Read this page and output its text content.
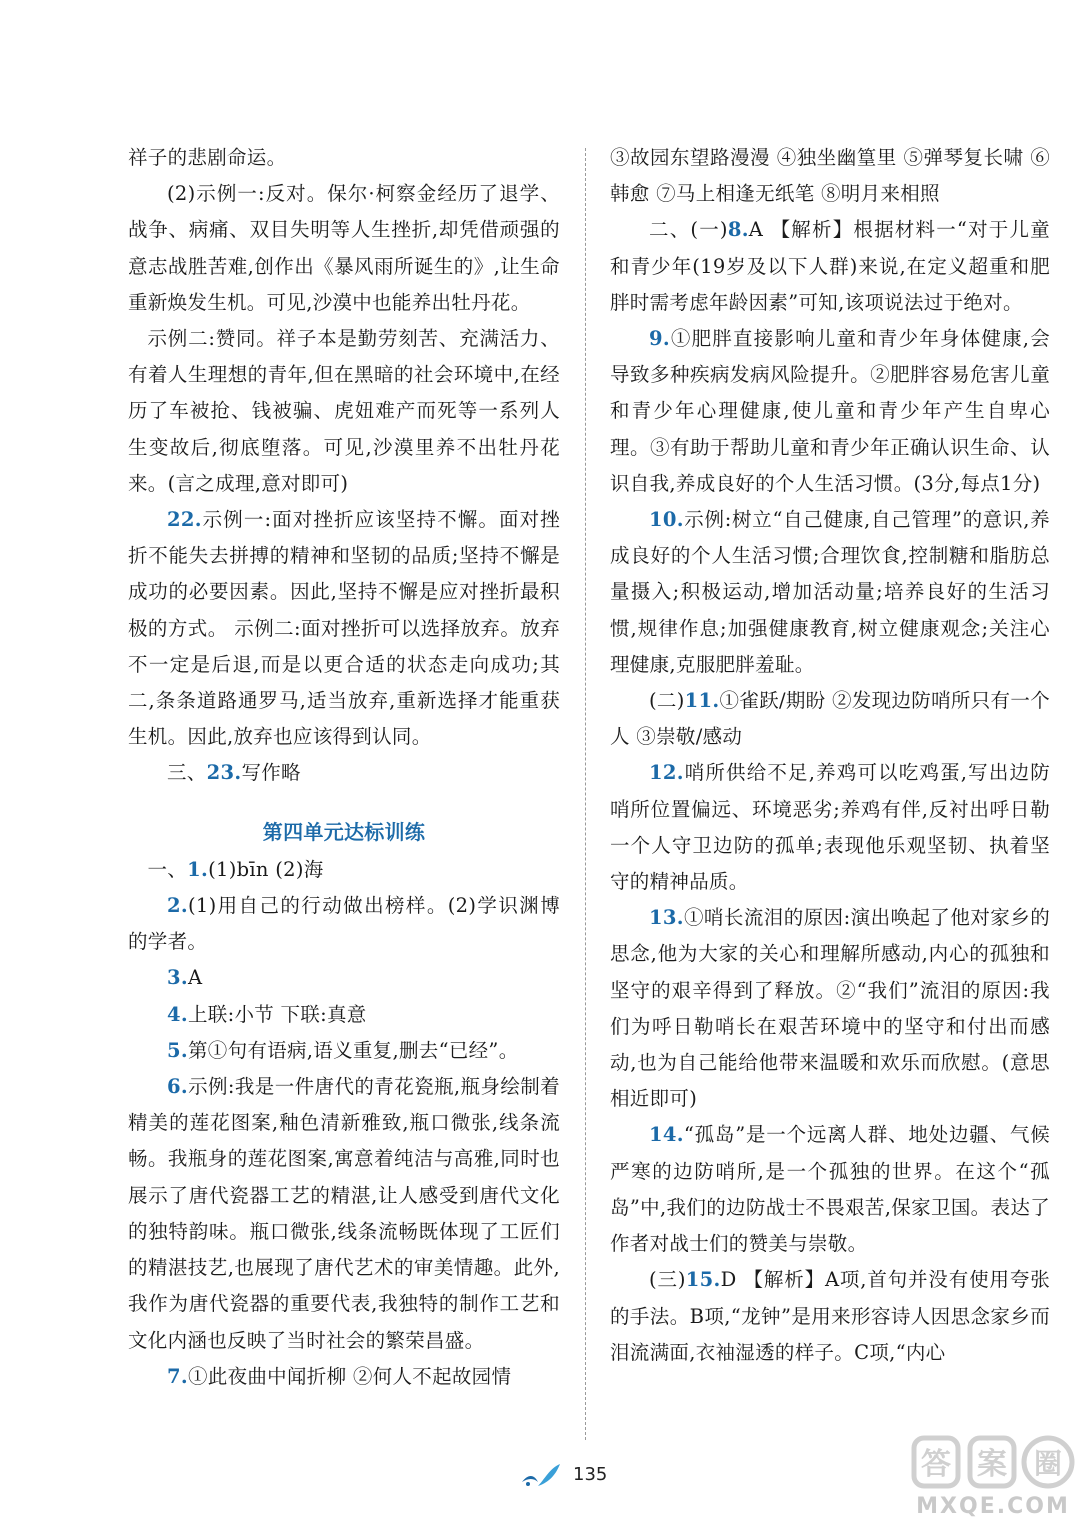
祥子的悲剧命运。

(2)示例一:反对。保尔·柯察金经历了退学、战争、病痛、双目失明等人生挫折,却凭借顽强的意志战胜苦难,创作出《暴风雨所诞生的》,让生命重新焕发生机。可见,沙漠中也能养出牡丹花。

示例二:赞同。祥子本是勤劳刻苦、充满活力、有着人生理想的青年,但在黑暗的社会环境中,在经历了车被抢、钱被骗、虎妞难产而死等一系列人生变故后,彻底堕落。可见,沙漠里养不出牡丹花来。(言之成理,意对即可)

22.示例一:面对挫折应该坚持不懈。面对挫折不能失去拼搏的精神和坚韧的品质;坚持不懈是成功的必要因素。因此,坚持不懈是应对挫折最积极的方式。 示例二:面对挫折可以选择放弃。放弃不一定是后退,而是以更合适的状态走向成功;其二,条条道路通罗马,适当放弃,重新选择才能重获生机。因此,放弃也应该得到认同。

三、23.写作略

第四单元达标训练

一、1.(1)bīn (2)海

2.(1)用自己的行动做出榜样。(2)学识渊博的学者。

3.A

4.上联:小节 下联:真意

5.第①句有语病,语义重复,删去“已经”。

6.示例:我是一件唐代的青花瓷瓶,瓶身绘制着精美的莲花图案,釉色清新雅致,瓶口微张,线条流畅。我瓶身的莲花图案,寓意着纯洁与高雅,同时也展示了唐代瓷器工艺的精湛,让人感受到唐代文化的独特韵味。瓶口微张,线条流畅既体现了工匠们的精湛技艺,也展现了唐代艺术的审美情趣。此外,我作为唐代瓷器的重要代表,我独特的制作工艺和文化内涵也反映了当时社会的繁荣昌盛。

7.①此夜曲中闻折柳 ②何人不起故园情

③故园东望路漫漫 ④独坐幽篁里 ⑤弹琴复长啸 ⑥韩愈 ⑦马上相逢无纸笔 ⑧明月来相照

二、(一)8.A 【解析】根据材料一“对于儿童和青少年(19岁及以下人群)来说,在定义超重和肥胖时需考虑年龄因素”可知,该项说法过于绝对。

9.①肥胖直接影响儿童和青少年身体健康,会导致多种疾病发病风险提升。②肥胖容易危害儿童和青少年心理健康,使儿童和青少年产生自卑心理。③有助于帮助儿童和青少年正确认识生命、认识自我,养成良好的个人生活习惯。(3分,每点1分)

10.示例:树立“自己健康,自己管理”的意识,养成良好的个人生活习惯;合理饮食,控制糖和脂肪总量摄入;积极运动,增加活动量;培养良好的生活习惯,规律作息;加强健康教育,树立健康观念;关注心理健康,克服肥胖羞耻。

(二)11.①雀跃/期盼 ②发现边防哨所只有一个人 ③崇敬/感动

12.哨所供给不足,养鸡可以吃鸡蛋,写出边防哨所位置偏远、环境恶劣;养鸡有伴,反衬出呼日勒一个人守卫边防的孤单;表现他乐观坚韧、执着坚守的精神品质。

13.①哨长流泪的原因:演出唤起了他对家乡的思念,他为大家的关心和理解所感动,内心的孤独和坚守的艰辛得到了释放。②“我们”流泪的原因:我们为呼日勒哨长在艰苦环境中的坚守和付出而感动,也为自己能给他带来温暖和欢乐而欣慰。(意思相近即可)

14.“孤岛”是一个远离人群、地处边疆、气候严寒的边防哨所,是一个孤独的世界。在这个“孤岛”中,我们的边防战士不畏艰苦,保家卫国。表达了作者对战士们的赞美与崇敬。

(三)15.D 【解析】A项,首句并没有使用夸张的手法。B项,“龙钟”是用来形容诗人因思念家乡而泪流满面,衣袖湿透的样子。C项,“内心

135	答 案 圈
MXQE.COM
